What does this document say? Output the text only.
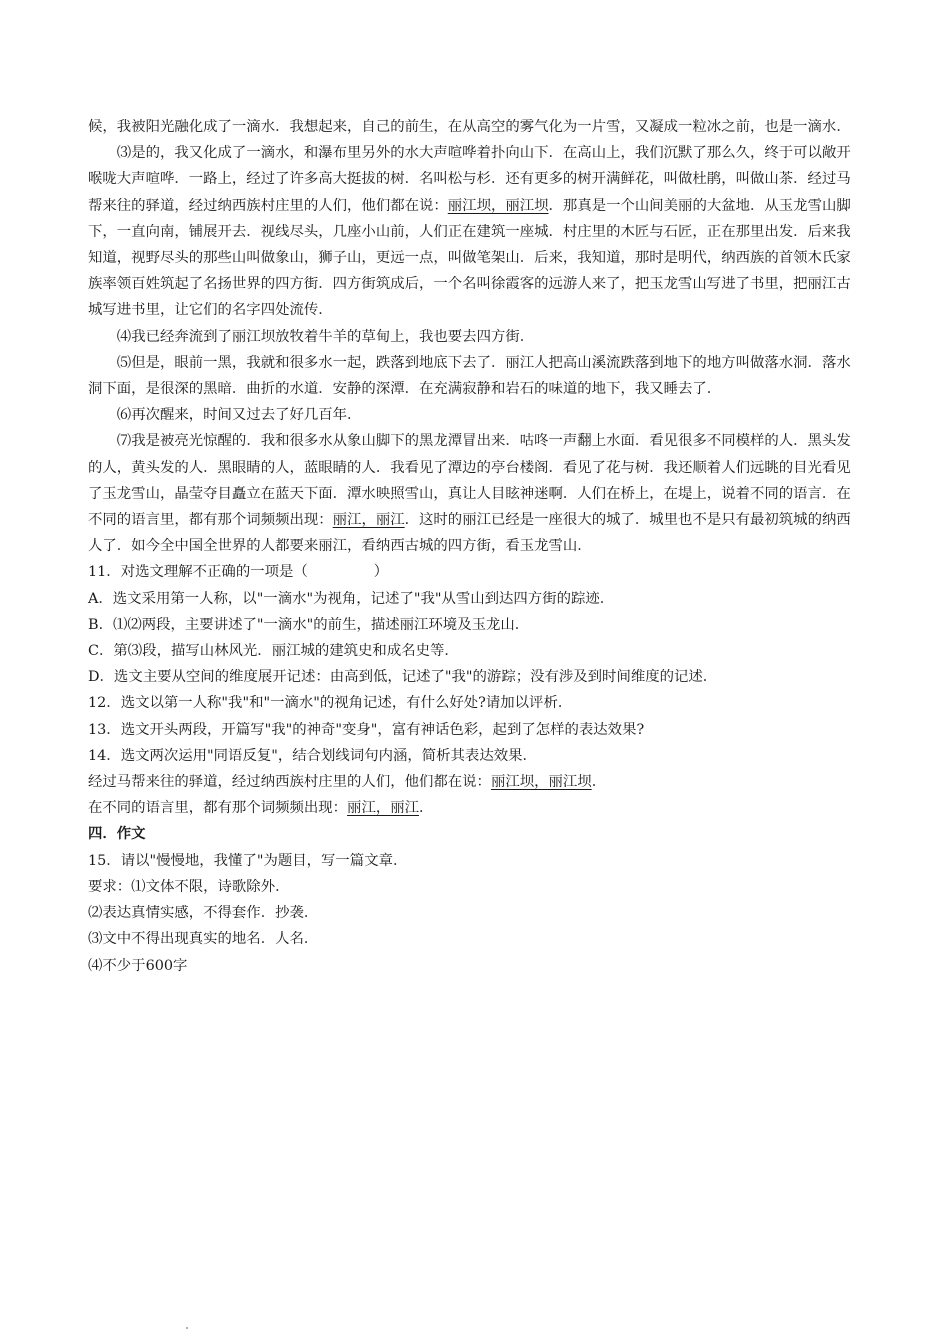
候，我被阳光融化成了一滴水．我想起来，自己的前生，在从高空的雾气化为一片雪，又凝成一粒冰之前，也是一滴水．

⑶是的，我又化成了一滴水，和瀑布里另外的水大声喧哗着扑向山下．在高山上，我们沉默了那么久，终于可以敞开喉咙大声喧哗．一路上，经过了许多高大挺拔的树．名叫松与杉．还有更多的树开满鲜花，叫做杜鹃，叫做山茶．经过马帮来往的驿道，经过纳西族村庄里的人们，他们都在说：丽江坝，丽江坝．那真是一个山间美丽的大盆地．从玉龙雪山脚下，一直向南，铺展开去．视线尽头，几座小山前，人们正在建筑一座城．村庄里的木匠与石匠，正在那里出发．后来我知道，视野尽头的那些山叫做象山，狮子山，更远一点，叫做笔架山．后来，我知道，那时是明代，纳西族的首领木氏家族率领百姓筑起了名扬世界的四方街．四方街筑成后，一个名叫徐霞客的远游人来了，把玉龙雪山写进了书里，把丽江古城写进书里，让它们的名字四处流传．

⑷我已经奔流到了丽江坝放牧着牛羊的草甸上，我也要去四方街．

⑸但是，眼前一黑，我就和很多水一起，跌落到地底下去了．丽江人把高山溪流跌落到地下的地方叫做落水洞．落水洞下面，是很深的黑暗．曲折的水道．安静的深潭．在充满寂静和岩石的味道的地下，我又睡去了．

⑹再次醒来，时间又过去了好几百年．

⑺我是被亮光惊醒的．我和很多水从象山脚下的黑龙潭冒出来．咕咚一声翻上水面．看见很多不同模样的人．黑头发的人，黄头发的人．黑眼睛的人，蓝眼睛的人．我看见了潭边的亭台楼阁．看见了花与树．我还顺着人们远眺的目光看见了玉龙雪山，晶莹夺目矗立在蓝天下面．潭水映照雪山，真让人目眩神迷啊．人们在桥上，在堤上，说着不同的语言．在不同的语言里，都有那个词频频出现：丽江，丽江．这时的丽江已经是一座很大的城了．城里也不是只有最初筑城的纳西人了．如今全中国全世界的人都要来丽江，看纳西古城的四方街，看玉龙雪山．

11．对选文理解不正确的一项是（	）

A．选文采用第一人称，以"一滴水"为视角，记述了"我"从雪山到达四方街的踪迹．

B．⑴⑵两段，主要讲述了"一滴水"的前生，描述丽江环境及玉龙山．

C．第⑶段，描写山林风光．丽江城的建筑史和成名史等．

D．选文主要从空间的维度展开记述：由高到低，记述了"我"的游踪；没有涉及到时间维度的记述．

12．选文以第一人称"我"和"一滴水"的视角记述，有什么好处?请加以评析．

13．选文开头两段，开篇写"我"的神奇"变身"，富有神话色彩，起到了怎样的表达效果?

14．选文两次运用"同语反复"，结合划线词句内涵，简析其表达效果．

经过马帮来往的驿道，经过纳西族村庄里的人们，他们都在说：丽江坝，丽江坝．

在不同的语言里，都有那个词频频出现：丽江，丽江．

四．作文

15．请以"慢慢地，我懂了"为题目，写一篇文章．

要求：⑴文体不限，诗歌除外．

⑵表达真情实感，不得套作．抄袭．

⑶文中不得出现真实的地名．人名．

⑷不少于600字
